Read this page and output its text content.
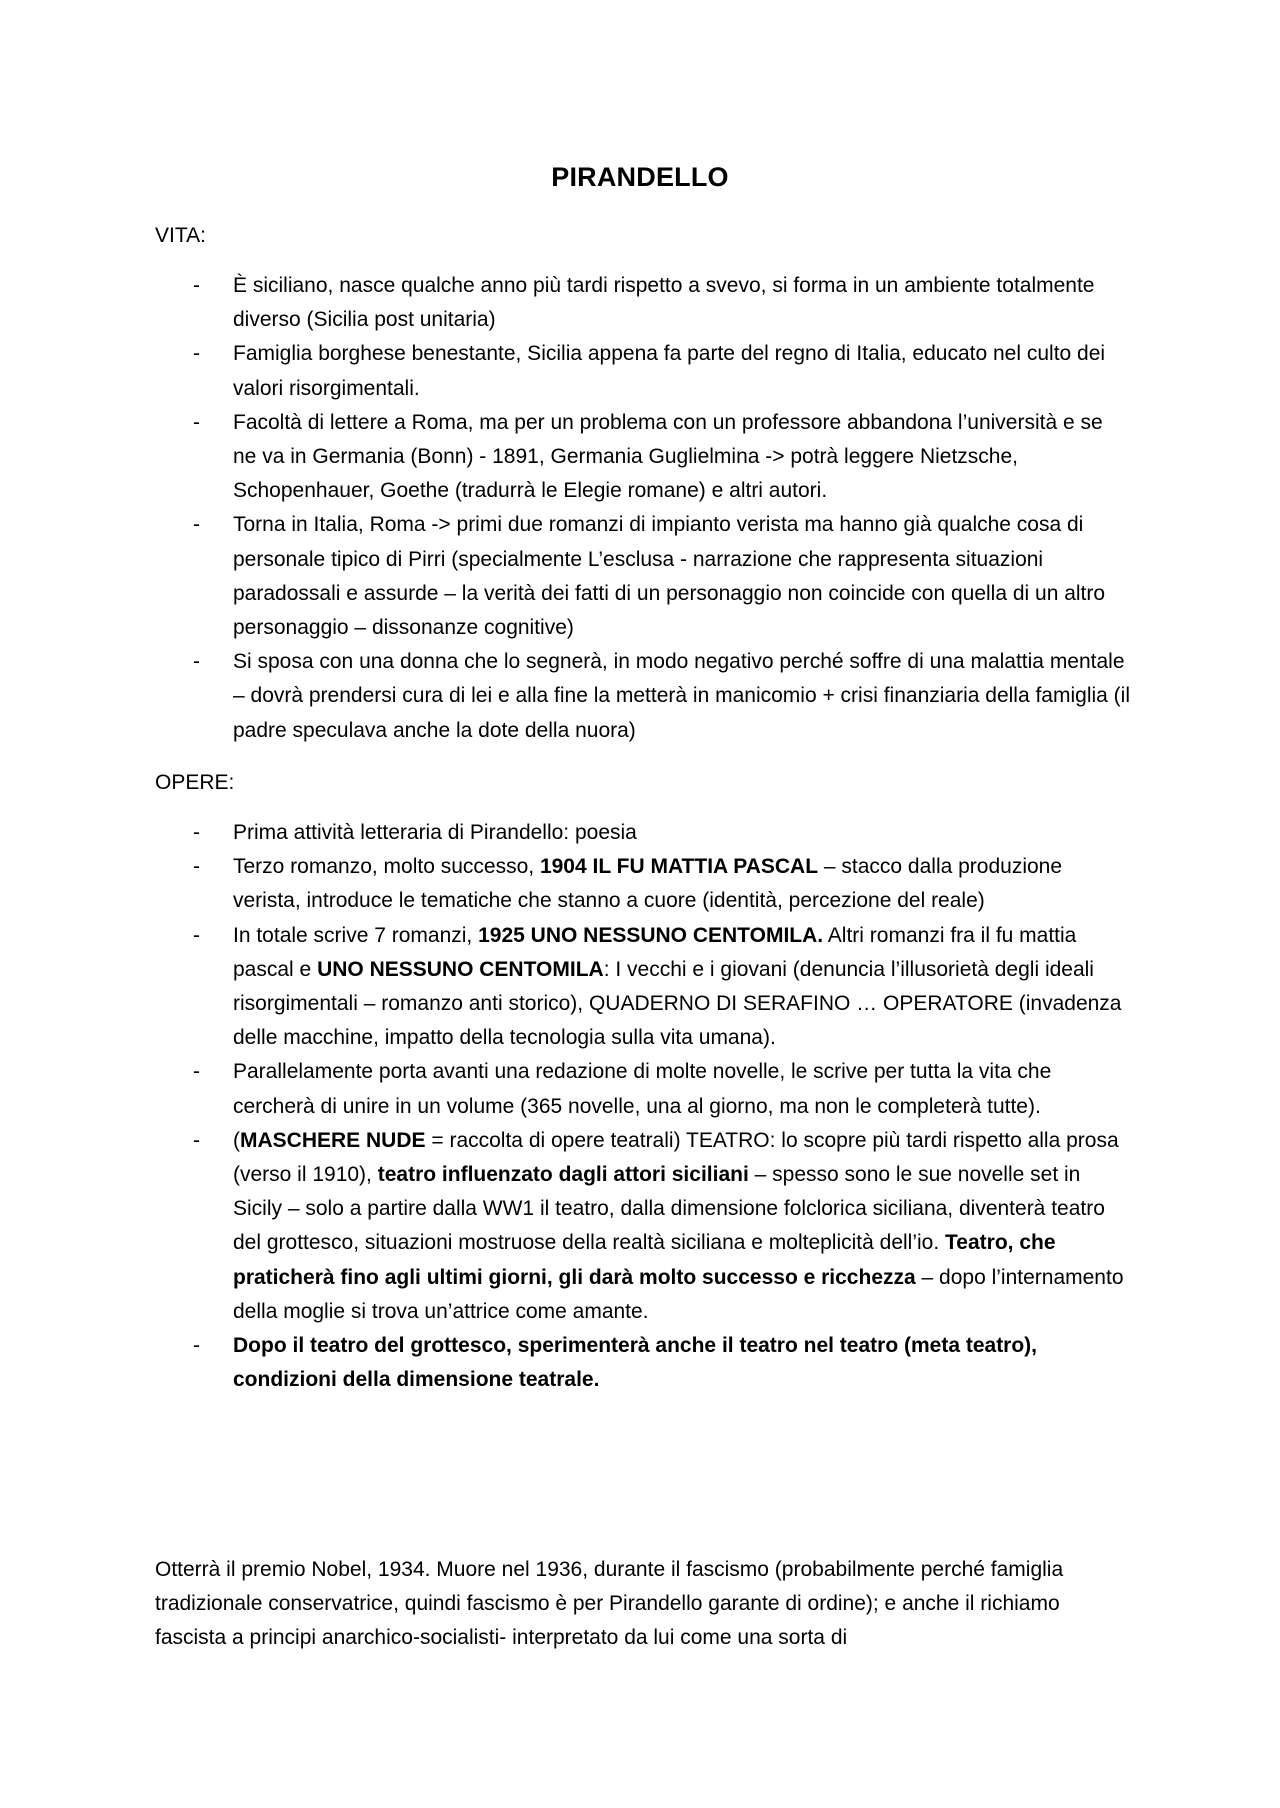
PIRANDELLO
VITA:
- È siciliano, nasce qualche anno più tardi rispetto a svevo, si forma in un ambiente totalmente diverso (Sicilia post unitaria)
- Famiglia borghese benestante, Sicilia appena fa parte del regno di Italia, educato nel culto dei valori risorgimentali.
- Facoltà di lettere a Roma, ma per un problema con un professore abbandona l’università e se ne va in Germania (Bonn) - 1891, Germania Guglielmina -> potrà leggere Nietzsche, Schopenhauer, Goethe (tradurrà le Elegie romane) e altri autori.
- Torna in Italia, Roma -> primi due romanzi di impianto verista ma hanno già qualche cosa di personale tipico di Pirri (specialmente L’esclusa - narrazione che rappresenta situazioni paradossali e assurde – la verità dei fatti di un personaggio non coincide con quella di un altro personaggio – dissonanze cognitive)
- Si sposa con una donna che lo segnerà, in modo negativo perché soffre di una malattia mentale – dovrà prendersi cura di lei e alla fine la metterà in manicomio + crisi finanziaria della famiglia (il padre speculava anche la dote della nuora)
OPERE:
- Prima attività letteraria di Pirandello: poesia
- Terzo romanzo, molto successo, 1904 IL FU MATTIA PASCAL – stacco dalla produzione verista, introduce le tematiche che stanno a cuore (identità, percezione del reale)
- In totale scrive 7 romanzi, 1925 UNO NESSUNO CENTOMILA. Altri romanzi fra il fu mattia pascal e UNO NESSUNO CENTOMILA: I vecchi e i giovani (denuncia l’illusorietà degli ideali risorgimentali – romanzo anti storico), QUADERNO DI SERAFINO … OPERATORE (invadenza delle macchine, impatto della tecnologia sulla vita umana).
- Parallelamente porta avanti una redazione di molte novelle, le scrive per tutta la vita che cercherà di unire in un volume (365 novelle, una al giorno, ma non le completerà tutte).
- (MASCHERE NUDE = raccolta di opere teatrali) TEATRO: lo scopre più tardi rispetto alla prosa (verso il 1910), teatro influenzato dagli attori siciliani – spesso sono le sue novelle set in Sicily – solo a partire dalla WW1 il teatro, dalla dimensione folclorica siciliana, diventerà teatro del grottesco, situazioni mostruose della realtà siciliana e molteplicità dell’io. Teatro, che praticherà fino agli ultimi giorni, gli darà molto successo e ricchezza – dopo l’internamento della moglie si trova un’attrice come amante.
- Dopo il teatro del grottesco, sperimenterà anche il teatro nel teatro (meta teatro), condizioni della dimensione teatrale.
Otterrà il premio Nobel, 1934. Muore nel 1936, durante il fascismo (probabilmente perché famiglia tradizionale conservatrice, quindi fascismo è per Pirandello garante di ordine); e anche il richiamo fascista a principi anarchico-socialisti- interpretato da lui come una sorta di
